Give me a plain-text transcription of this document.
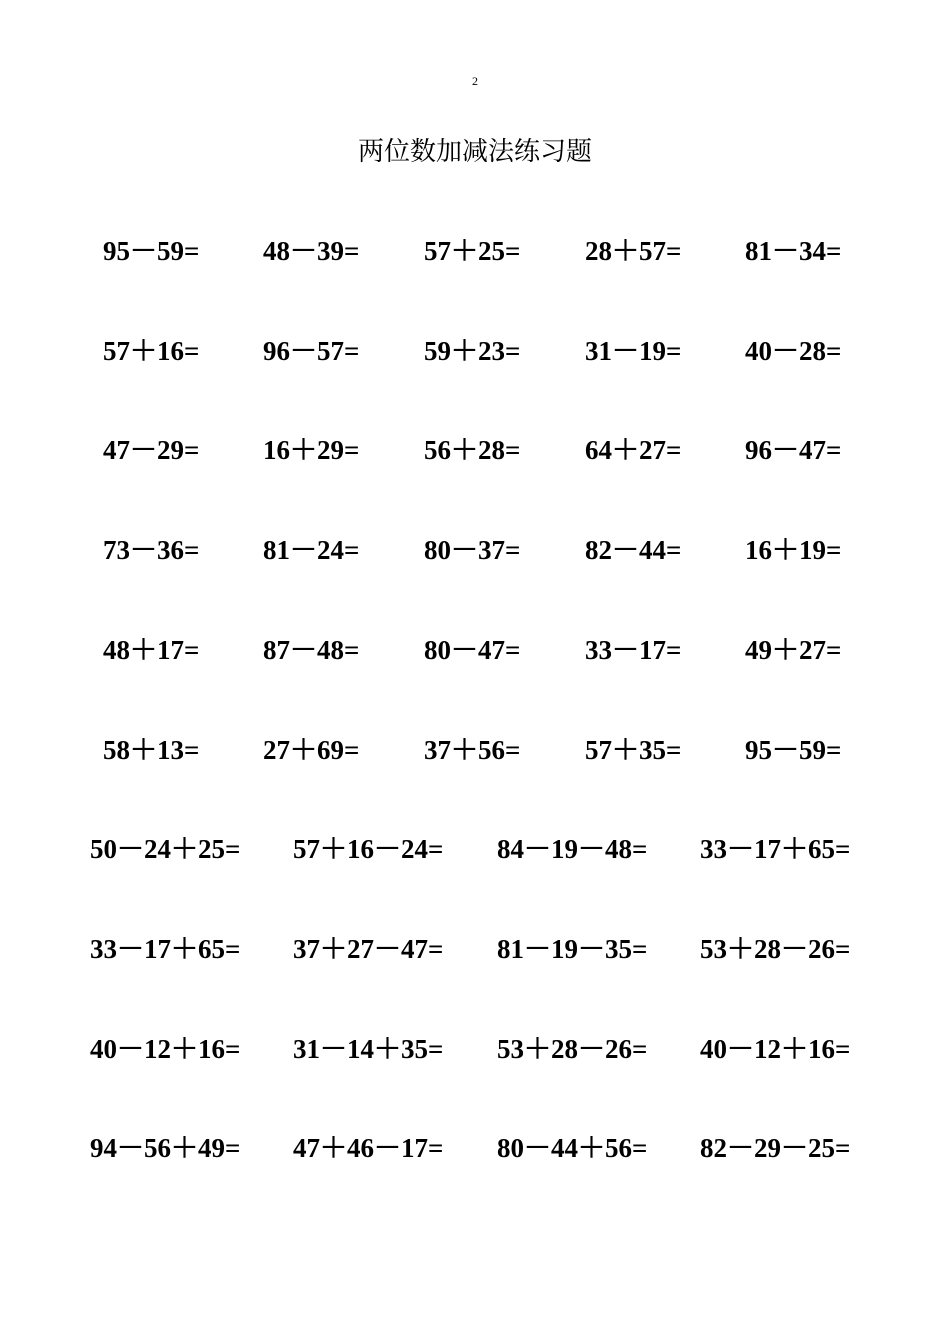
2
两位数加减法练习题
95－59= 48－39= 57＋25= 28＋57= 81－34=
57＋16= 96－57= 59＋23= 31－19= 40－28=
47－29= 16＋29= 56＋28= 64＋27= 96－47=
73－36= 81－24= 80－37= 82－44= 16＋19=
48＋17= 87－48= 80－47= 33－17= 49＋27=
58＋13= 27＋69= 37＋56= 57＋35= 95－59=
50－24＋25= 57＋16－24= 84－19－48= 33－17＋65=
33－17＋65= 37＋27－47= 81－19－35= 53＋28－26=
40－12＋16= 31－14＋35= 53＋28－26= 40－12＋16=
94－56＋49= 47＋46－17= 80－44＋56= 82－29－25=
